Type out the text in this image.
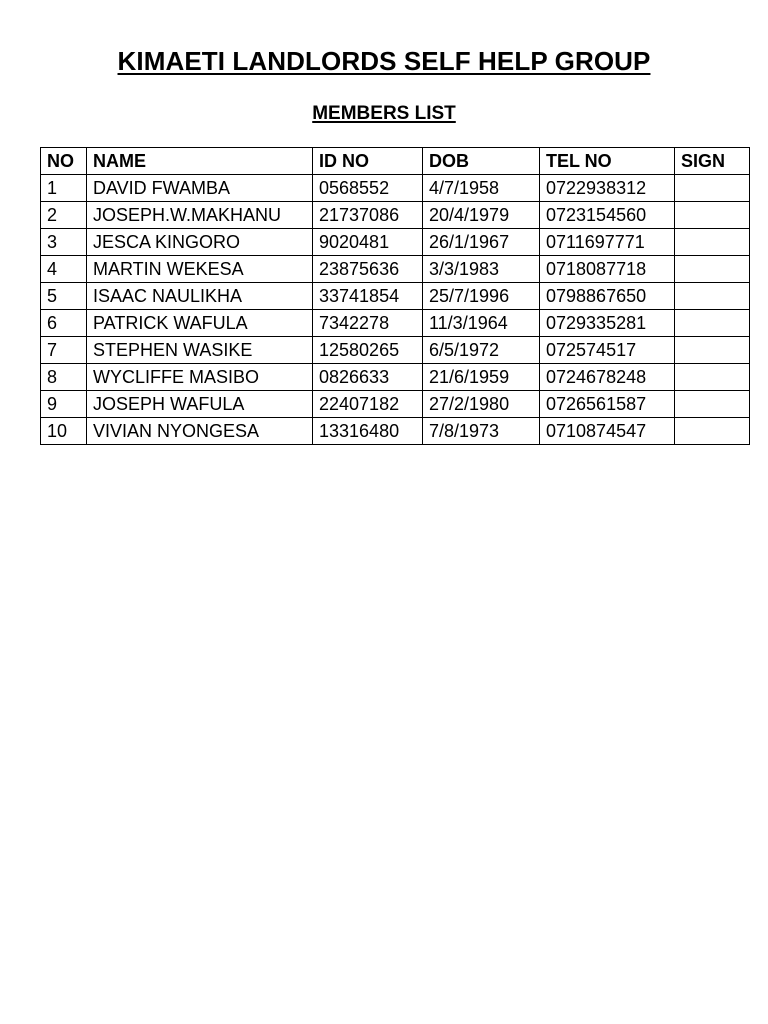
KIMAETI LANDLORDS SELF HELP GROUP
MEMBERS LIST
NO	NAME	ID NO	DOB	TEL NO	SIGN
1	DAVID FWAMBA	0568552	4/7/1958	0722938312	
2	JOSEPH.W.MAKHANU	21737086	20/4/1979	0723154560	
3	JESCA KINGORO	9020481	26/1/1967	0711697771	
4	MARTIN WEKESA	23875636	3/3/1983	0718087718	
5	ISAAC NAULIKHA	33741854	25/7/1996	0798867650	
6	PATRICK WAFULA	7342278	11/3/1964	0729335281	
7	STEPHEN WASIKE	12580265	6/5/1972	072574517	
8	WYCLIFFE MASIBO	0826633	21/6/1959	0724678248	
9	JOSEPH WAFULA	22407182	27/2/1980	0726561587	
10	VIVIAN NYONGESA	13316480	7/8/1973	0710874547	
